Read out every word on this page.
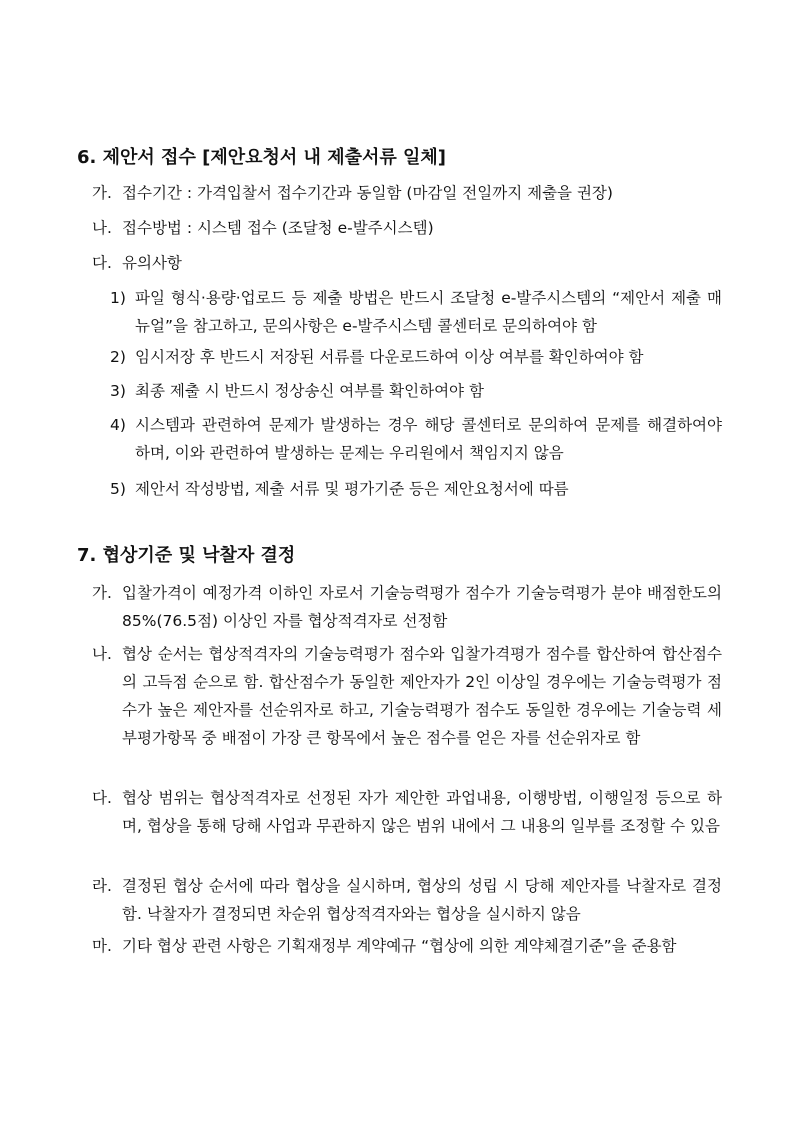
6. 제안서 접수 [제안요청서 내 제출서류 일체]
가. 접수기간 : 가격입찰서 접수기간과 동일함 (마감일 전일까지 제출을 권장)
나. 접수방법 : 시스템 접수 (조달청 e-발주시스템)
다. 유의사항
1) 파일 형식·용량·업로드 등 제출 방법은 반드시 조달청 e-발주시스템의 “제안서 제출 매뉴얼”을 참고하고, 문의사항은 e-발주시스템 콜센터로 문의하여야 함
2) 임시저장 후 반드시 저장된 서류를 다운로드하여 이상 여부를 확인하여야 함
3) 최종 제출 시 반드시 정상송신 여부를 확인하여야 함
4) 시스템과 관련하여 문제가 발생하는 경우 해당 콜센터로 문의하여 문제를 해결하여야 하며, 이와 관련하여 발생하는 문제는 우리원에서 책임지지 않음
5) 제안서 작성방법, 제출 서류 및 평가기준 등은 제안요청서에 따름
7. 협상기준 및 낙찰자 결정
가. 입찰가격이 예정가격 이하인 자로서 기술능력평가 점수가 기술능력평가 분야 배점한도의 85%(76.5점) 이상인 자를 협상적격자로 선정함
나. 협상 순서는 협상적격자의 기술능력평가 점수와 입찰가격평가 점수를 합산하여 합산점수의 고득점 순으로 함. 합산점수가 동일한 제안자가 2인 이상일 경우에는 기술능력평가 점수가 높은 제안자를 선순위자로 하고, 기술능력평가 점수도 동일한 경우에는 기술능력 세부평가항목 중 배점이 가장 큰 항목에서 높은 점수를 얻은 자를 선순위자로 함
다. 협상 범위는 협상적격자로 선정된 자가 제안한 과업내용, 이행방법, 이행일정 등으로 하며, 협상을 통해 당해 사업과 무관하지 않은 범위 내에서 그 내용의 일부를 조정할 수 있음
라. 결정된 협상 순서에 따라 협상을 실시하며, 협상의 성립 시 당해 제안자를 낙찰자로 결정함. 낙찰자가 결정되면 차순위 협상적격자와는 협상을 실시하지 않음
마. 기타 협상 관련 사항은 기획재정부 계약예규 “협상에 의한 계약체결기준”을 준용함
